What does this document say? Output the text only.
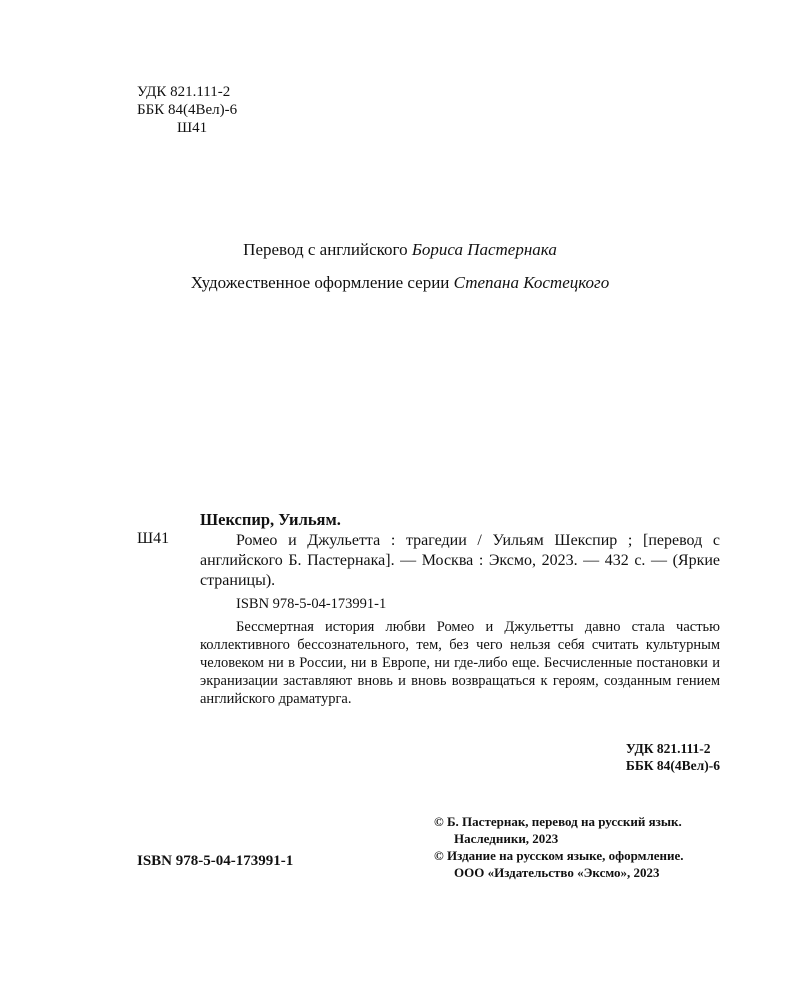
УДК 821.111-2
ББК 84(4Вел)-6
Ш41
Перевод с английского Бориса Пастернака
Художественное оформление серии Степана Костецкого
Ш41
Шекспир, Уильям.
Ромео и Джульетта : трагедии / Уильям Шекспир ; [перевод с английского Б. Пастернака]. — Москва : Эксмо, 2023. — 432 с. — (Яркие страницы).
ISBN 978-5-04-173991-1
Бессмертная история любви Ромео и Джульетты давно стала частью коллективного бессознательного, тем, без чего нельзя себя считать культурным человеком ни в России, ни в Европе, ни где-либо еще. Бесчисленные постановки и экранизации заставляют вновь и вновь возвращаться к героям, созданным гением английского драматурга.
УДК 821.111-2
ББК 84(4Вел)-6
© Б. Пастернак, перевод на русский язык.
Наследники, 2023
© Издание на русском языке, оформление.
ООО «Издательство «Эксмо», 2023
ISBN 978-5-04-173991-1
